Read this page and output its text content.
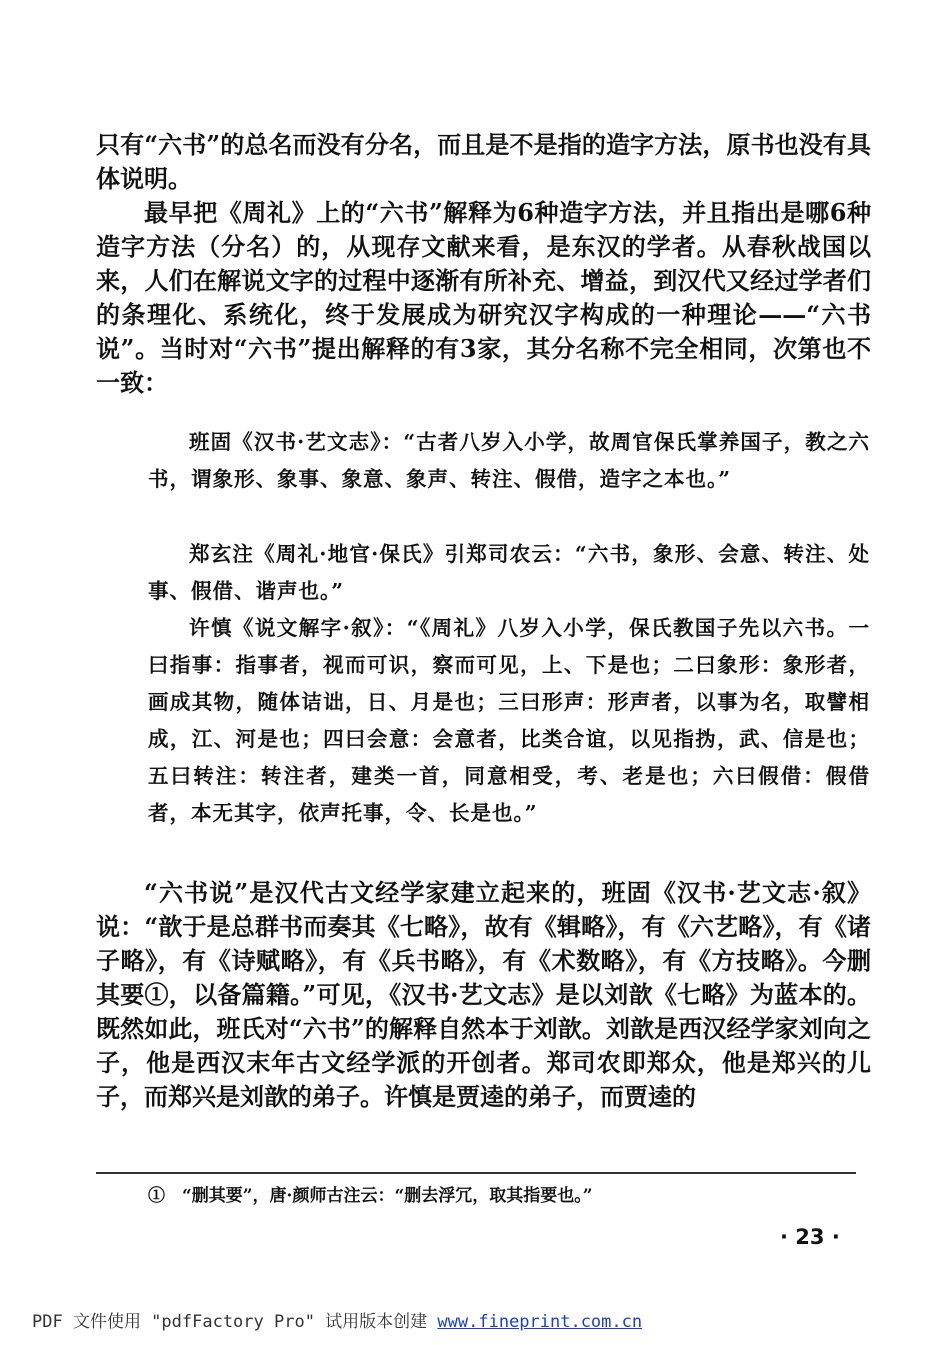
只有“六书”的总名而没有分名，而且是不是指的造字方法，原书也没有具体说明。

最早把《周礼》上的“六书”解释为6种造字方法，并且指出是哪6种造字方法（分名）的，从现存文献来看，是东汉的学者。从春秋战国以来，人们在解说文字的过程中逐渐有所补充、增益，到汉代又经过学者们的条理化、系统化，终于发展成为研究汉字构成的一种理论——“六书说”。当时对“六书”提出解释的有3家，其分名称不完全相同，次第也不一致：

班固《汉书·艺文志》：“古者八岁入小学，故周官保氏掌养国子，教之六书，谓象形、象事、象意、象声、转注、假借，造字之本也。”

郑玄注《周礼·地官·保氏》引郑司农云：“六书，象形、会意、转注、处事、假借、谐声也。”

许慎《说文解字·叙》：“《周礼》八岁入小学，保氏教国子先以六书。一曰指事：指事者，视而可识，察而可见，上、下是也；二曰象形：象形者，画成其物，随体诘诎，日、月是也；三曰形声：形声者，以事为名，取譬相成，江、河是也；四曰会意：会意者，比类合谊，以见指㧑，武、信是也；五曰转注：转注者，建类一首，同意相受，考、老是也；六曰假借：假借者，本无其字，依声托事，令、长是也。”

“六书说”是汉代古文经学家建立起来的，班固《汉书·艺文志·叙》说：“歆于是总群书而奏其《七略》，故有《辑略》，有《六艺略》，有《诸子略》，有《诗赋略》，有《兵书略》，有《术数略》，有《方技略》。今删其要①，以备篇籍。”可见，《汉书·艺文志》是以刘歆《七略》为蓝本的。既然如此，班氏对“六书”的解释自然本于刘歆。刘歆是西汉经学家刘向之子，他是西汉末年古文经学派的开创者。郑司农即郑众，他是郑兴的儿子，而郑兴是刘歆的弟子。许慎是贾逵的弟子，而贾逵的

①　“删其要”，唐·颜师古注云：“删去浮冗，取其指要也。”

· 23 ·
PDF 文件使用 "pdfFactory Pro" 试用版本创建 www.fineprint.com.cn
